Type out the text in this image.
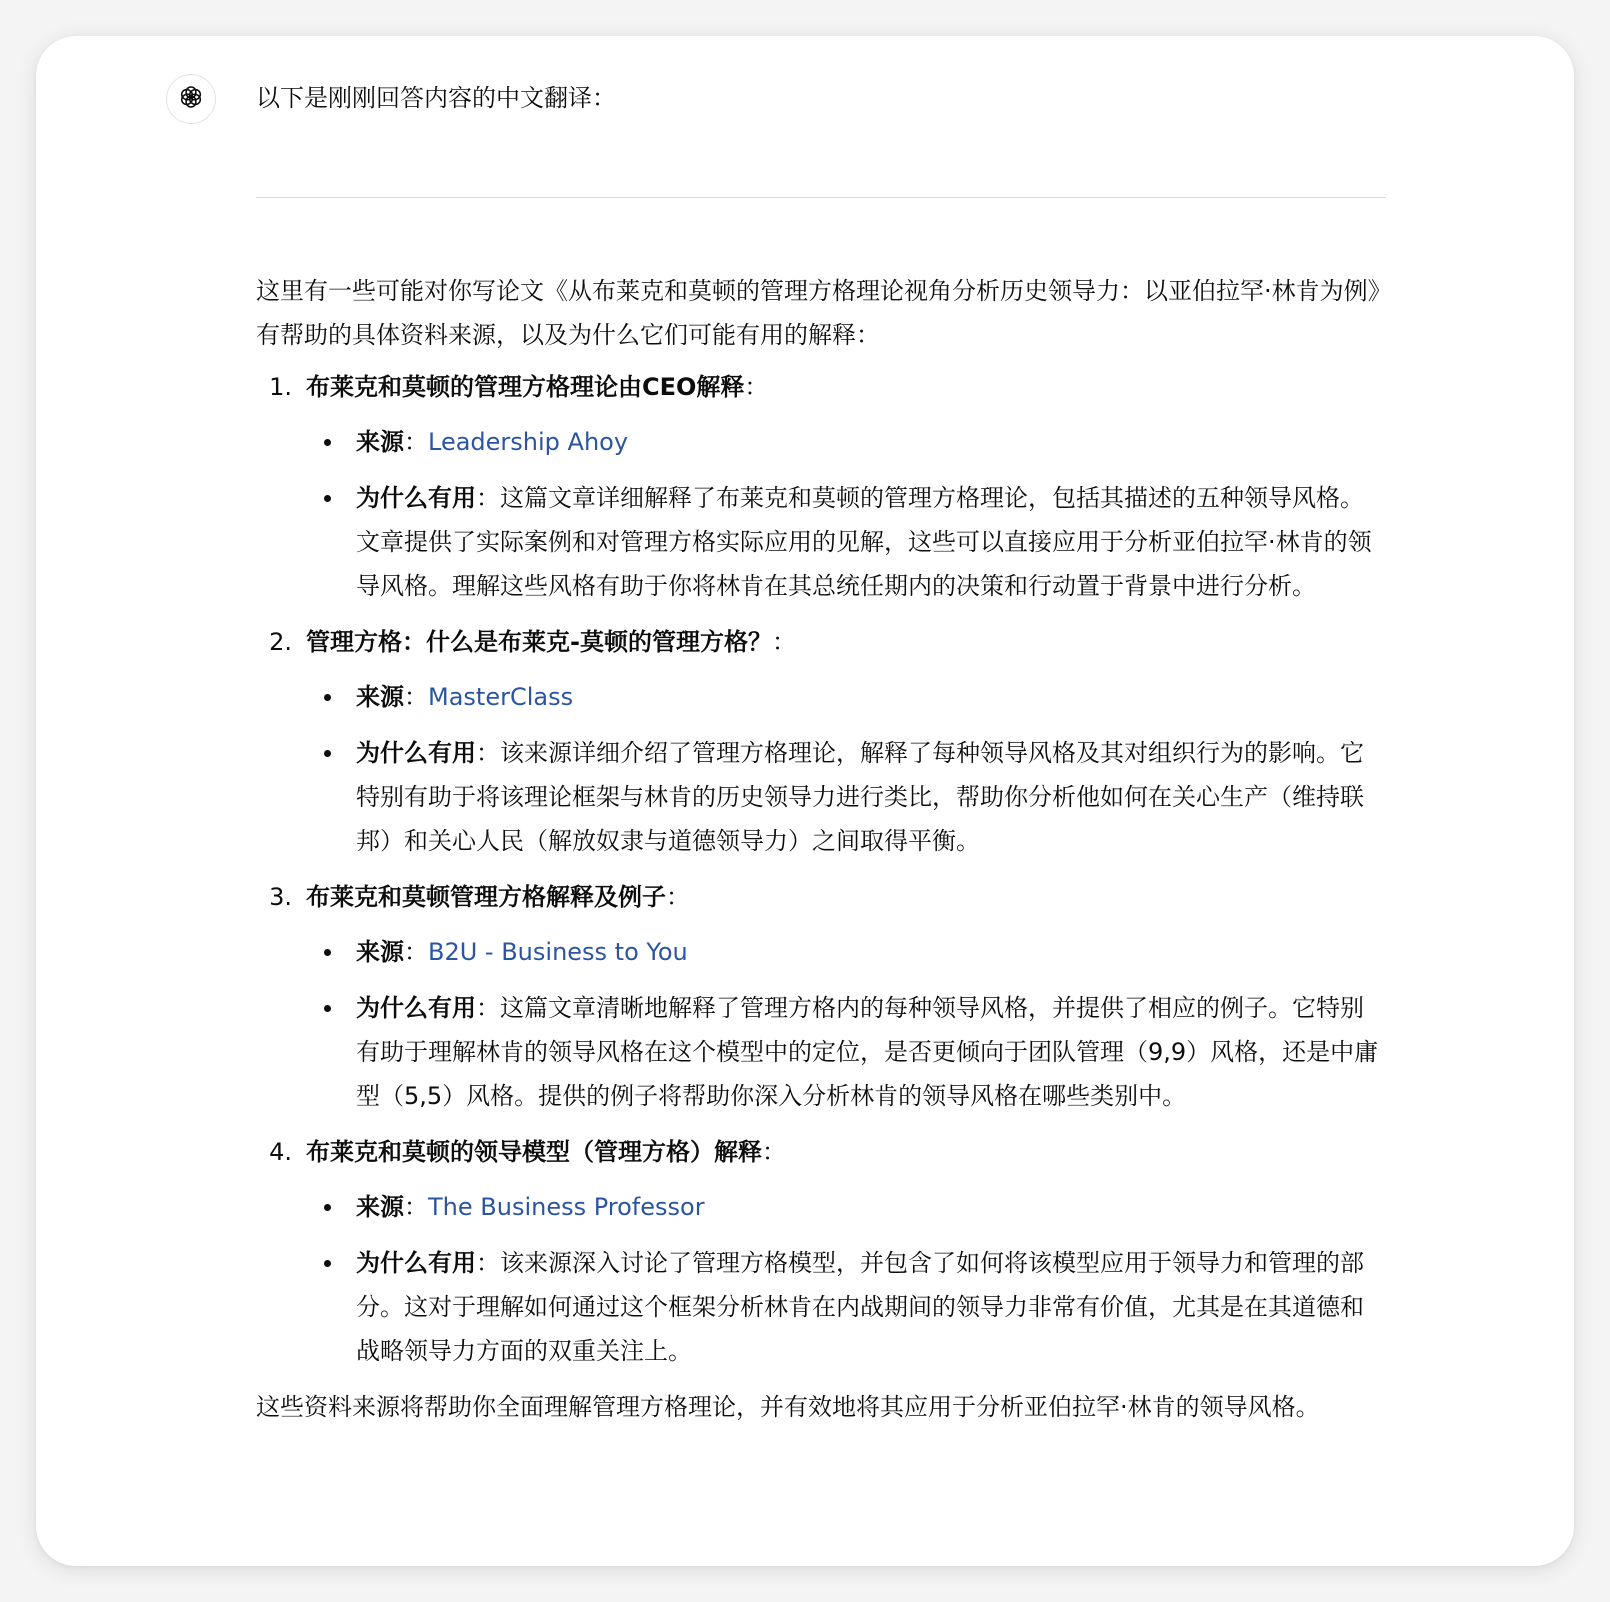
以下是刚刚回答内容的中文翻译：

这里有一些可能对你写论文《从布莱克和莫顿的管理方格理论视角分析历史领导力：以亚伯拉罕·林肯为例》有帮助的具体资料来源，以及为什么它们可能有用的解释：

1. 布莱克和莫顿的管理方格理论由CEO解释：
来源：Leadership Ahoy
为什么有用：这篇文章详细解释了布莱克和莫顿的管理方格理论，包括其描述的五种领导风格。文章提供了实际案例和对管理方格实际应用的见解，这些可以直接应用于分析亚伯拉罕·林肯的领导风格。理解这些风格有助于你将林肯在其总统任期内的决策和行动置于背景中进行分析。
2. 管理方格：什么是布莱克-莫顿的管理方格？：
来源：MasterClass
为什么有用：该来源详细介绍了管理方格理论，解释了每种领导风格及其对组织行为的影响。它特别有助于将该理论框架与林肯的历史领导力进行类比，帮助你分析他如何在关心生产（维持联邦）和关心人民（解放奴隶与道德领导力）之间取得平衡。
3. 布莱克和莫顿管理方格解释及例子：
来源：B2U - Business to You
为什么有用：这篇文章清晰地解释了管理方格内的每种领导风格，并提供了相应的例子。它特别有助于理解林肯的领导风格在这个模型中的定位，是否更倾向于团队管理（9,9）风格，还是中庸型（5,5）风格。提供的例子将帮助你深入分析林肯的领导风格在哪些类别中。
4. 布莱克和莫顿的领导模型（管理方格）解释：
来源：The Business Professor
为什么有用：该来源深入讨论了管理方格模型，并包含了如何将该模型应用于领导力和管理的部分。这对于理解如何通过这个框架分析林肯在内战期间的领导力非常有价值，尤其是在其道德和战略领导力方面的双重关注上。

这些资料来源将帮助你全面理解管理方格理论，并有效地将其应用于分析亚伯拉罕·林肯的领导风格。
